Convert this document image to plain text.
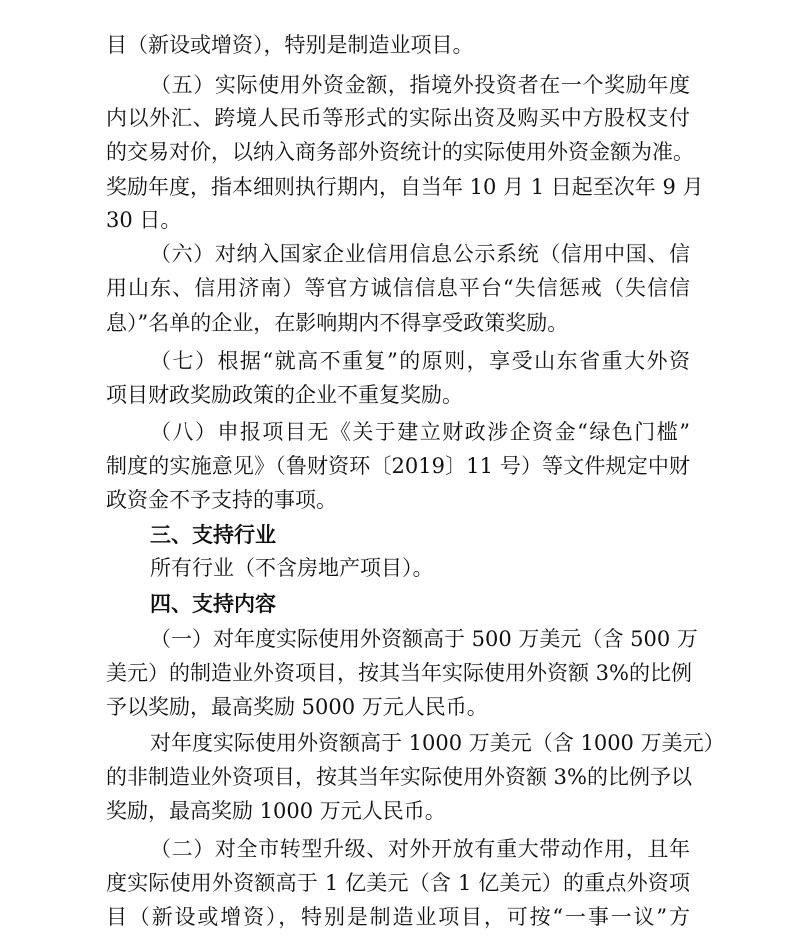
目（新设或增资），特别是制造业项目。
（五）实际使用外资金额，指境外投资者在一个奖励年度
内以外汇、跨境人民币等形式的实际出资及购买中方股权支付
的交易对价，以纳入商务部外资统计的实际使用外资金额为准。
奖励年度，指本细则执行期内，自当年 10 月 1 日起至次年 9 月
30 日。
（六）对纳入国家企业信用信息公示系统（信用中国、信
用山东、信用济南）等官方诚信信息平台“失信惩戒（失信信
息）”名单的企业，在影响期内不得享受政策奖励。
（七）根据“就高不重复”的原则，享受山东省重大外资
项目财政奖励政策的企业不重复奖励。
（八）申报项目无《关于建立财政涉企资金“绿色门槛”
制度的实施意见》（鲁财资环〔2019〕11 号）等文件规定中财
政资金不予支持的事项。
三、支持行业
所有行业（不含房地产项目）。
四、支持内容
（一）对年度实际使用外资额高于 500 万美元（含 500 万
美元）的制造业外资项目，按其当年实际使用外资额 3%的比例
予以奖励，最高奖励 5000 万元人民币。
对年度实际使用外资额高于 1000 万美元（含 1000 万美元）
的非制造业外资项目，按其当年实际使用外资额 3%的比例予以
奖励，最高奖励 1000 万元人民币。
（二）对全市转型升级、对外开放有重大带动作用，且年
度实际使用外资额高于 1 亿美元（含 1 亿美元）的重点外资项
目（新设或增资），特别是制造业项目，可按“一事一议”方
